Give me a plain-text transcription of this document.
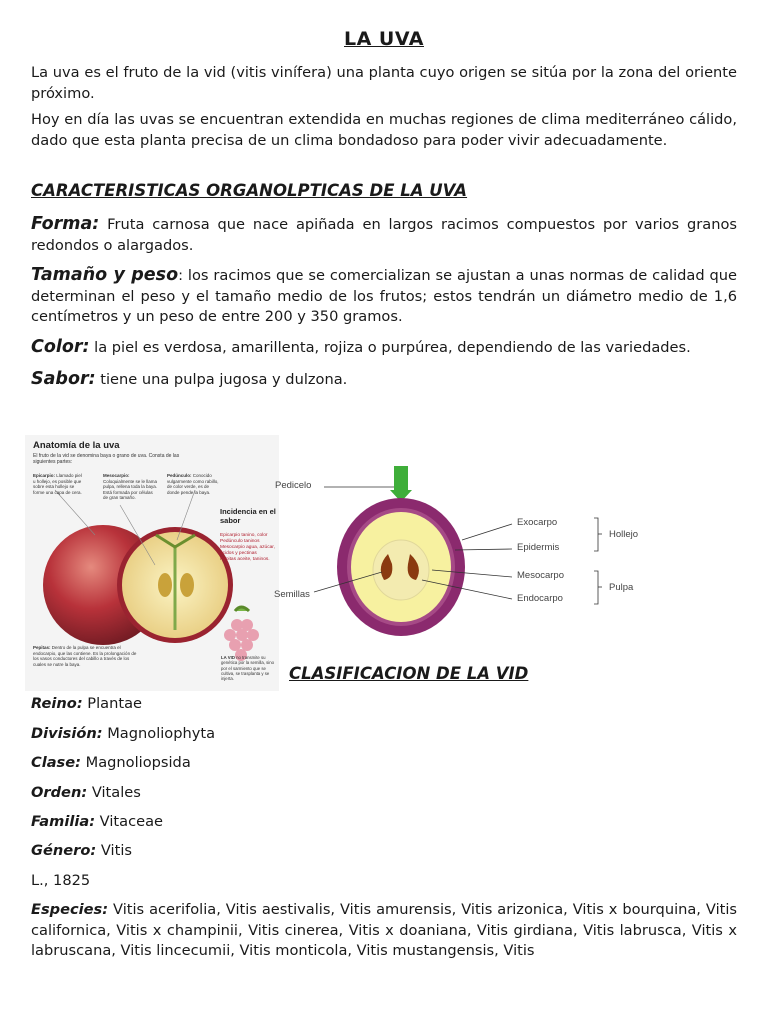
LA UVA

La uva es el fruto de la vid (vitis vinífera) una planta cuyo origen se sitúa por la zona del oriente próximo.

Hoy en día las uvas se encuentran extendida en muchas regiones de clima mediterráneo cálido, dado que esta planta precisa de un clima bondadoso para poder vivir adecuadamente.

CARACTERISTICAS ORGANOLPTICAS DE LA UVA

Forma: Fruta carnosa que nace apiñada en largos racimos compuestos por varios granos redondos o alargados.

Tamaño y peso: los racimos que se comercializan se ajustan a unas normas de calidad que determinan el peso y el tamaño medio de los frutos; estos tendrán un diámetro medio de 1,6 centímetros y un peso de entre 200 y 350 gramos.

Color: la piel es verdosa, amarillenta, rojiza o purpúrea, dependiendo de las variedades.

Sabor: tiene una pulpa jugosa y dulzona.

CLASIFICACION DE LA VID

Reino: Plantae

División: Magnoliophyta

Clase: Magnoliopsida

Orden: Vitales

Familia: Vitaceae

Género: Vitis

L., 1825

Especies: Vitis acerifolia, Vitis aestivalis, Vitis amurensis, Vitis arizonica, Vitis x bourquina, Vitis californica, Vitis x champinii, Vitis cinerea, Vitis x doaniana, Vitis girdiana, Vitis labrusca, Vitis x labruscana, Vitis lincecumii, Vitis monticola, Vitis mustangensis, Vitis

Anatomía de la uva
El fruto de la vid se denomina baya o grano de uva. Consta de las siguientes partes:
Epicarpio: Llamado piel u hollejo, es posible que sobre esta hollejo se forme una capa de cera.
Mesocarpio: Coloquialmente se le llama pulpa, rellena toda la baya. Está formada por células de gran tamaño.
Pedúnculo: Conocido vulgarmente como rabillo, de color verde, es de donde pende la baya.
Incidencia en el sabor
Epicarpio tanino, color
Pedúnculo taninos
Mesocarpio agua, azúcar, ácidos y pectinas
Pepitas aceite, taninos.
Pepitas: Dentro de la pulpa se encuentra el endocarpio, que las contiene. Es la prolongación de los vasos conductores del cabillo a través de los cuales se nutre la baya.
LA VID no transmite su genética por la semilla, sino por el sarmiento que se cultiva, se trasplanta y se injerta.
Pedicelo
Exocarpo
Epidermis
Mesocarpo
Endocarpo
Semillas
Hollejo
Pulpa
